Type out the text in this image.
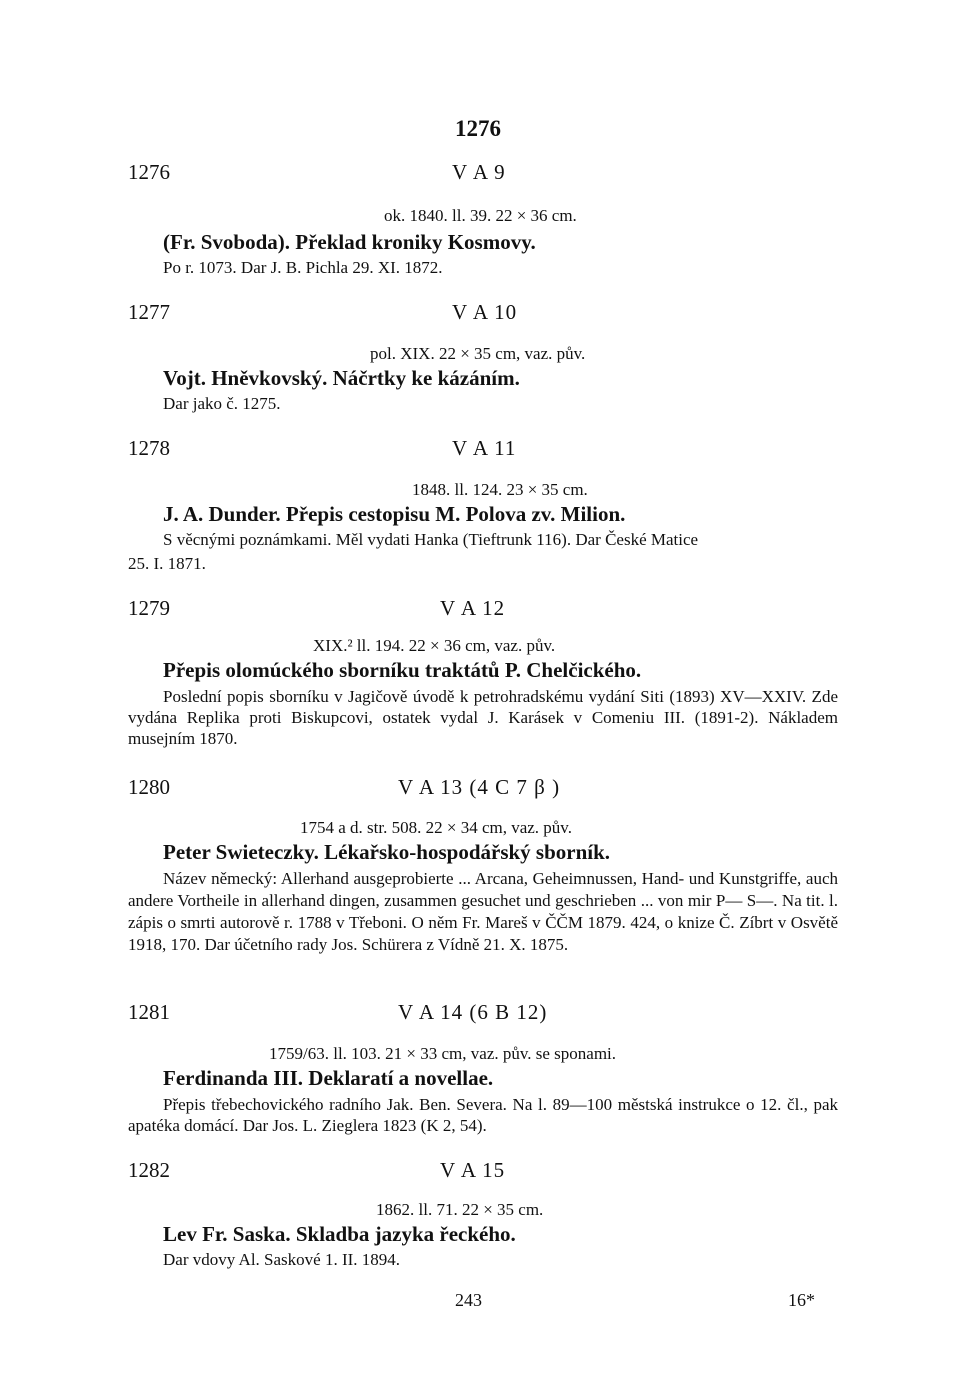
1276
1276	V A 9
ok. 1840. ll. 39. 22 × 36 cm.
(Fr. Svoboda). Překlad kroniky Kosmovy.
Po r. 1073. Dar J. B. Pichla 29. XI. 1872.
1277	V A 10
pol. XIX. 22 × 35 cm, vaz. pův.
Vojt. Hněvkovský. Náčrtky ke kázáním.
Dar jako č. 1275.
1278	V A 11
1848. ll. 124. 23 × 35 cm.
J. A. Dunder. Přepis cestopisu M. Polova zv. Milion.
S věcnými poznámkami. Měl vydati Hanka (Tieftrunk 116). Dar České Matice
25. I. 1871.
1279	V A 12
XIX.² ll. 194. 22 × 36 cm, vaz. pův.
Přepis olomúckého sborníku traktátů P. Chelčického.
Poslední popis sborníku v Jagičově úvodě k petrohradskému vydání Siti (1893) XV—XXIV. Zde vydána Replika proti Biskupcovi, ostatek vydal J. Karásek v Comeniu III. (1891-2). Nákladem musejním 1870.
1280	V A 13 (4 C 7 β )
1754 a d. str. 508. 22 × 34 cm, vaz. pův.
Peter Swieteczky. Lékařsko-hospodářský sborník.
Název německý: Allerhand ausgeprobierte ... Arcana, Geheimnussen, Hand- und Kunstgriffe, auch andere Vortheile in allerhand dingen, zusammen gesuchet und geschrieben ... von mir P— S—. Na tit. l. zápis o smrti autorově r. 1788 v Třeboni. O něm Fr. Mareš v ČČM 1879. 424, o knize Č. Zíbrt v Osvětě 1918, 170. Dar účetního rady Jos. Schürera z Vídně 21. X. 1875.
1281	V A 14 (6 B 12)
1759/63. ll. 103. 21 × 33 cm, vaz. pův. se sponami.
Ferdinanda III. Deklaratí a novellae.
Přepis třebechovického radního Jak. Ben. Severa. Na l. 89—100 městská instrukce o 12. čl., pak apatéka domácí. Dar Jos. L. Zieglera 1823 (K 2, 54).
1282	V A 15
1862. ll. 71. 22 × 35 cm.
Lev Fr. Saska. Skladba jazyka řeckého.
Dar vdovy Al. Saskové 1. II. 1894.
243	16*
